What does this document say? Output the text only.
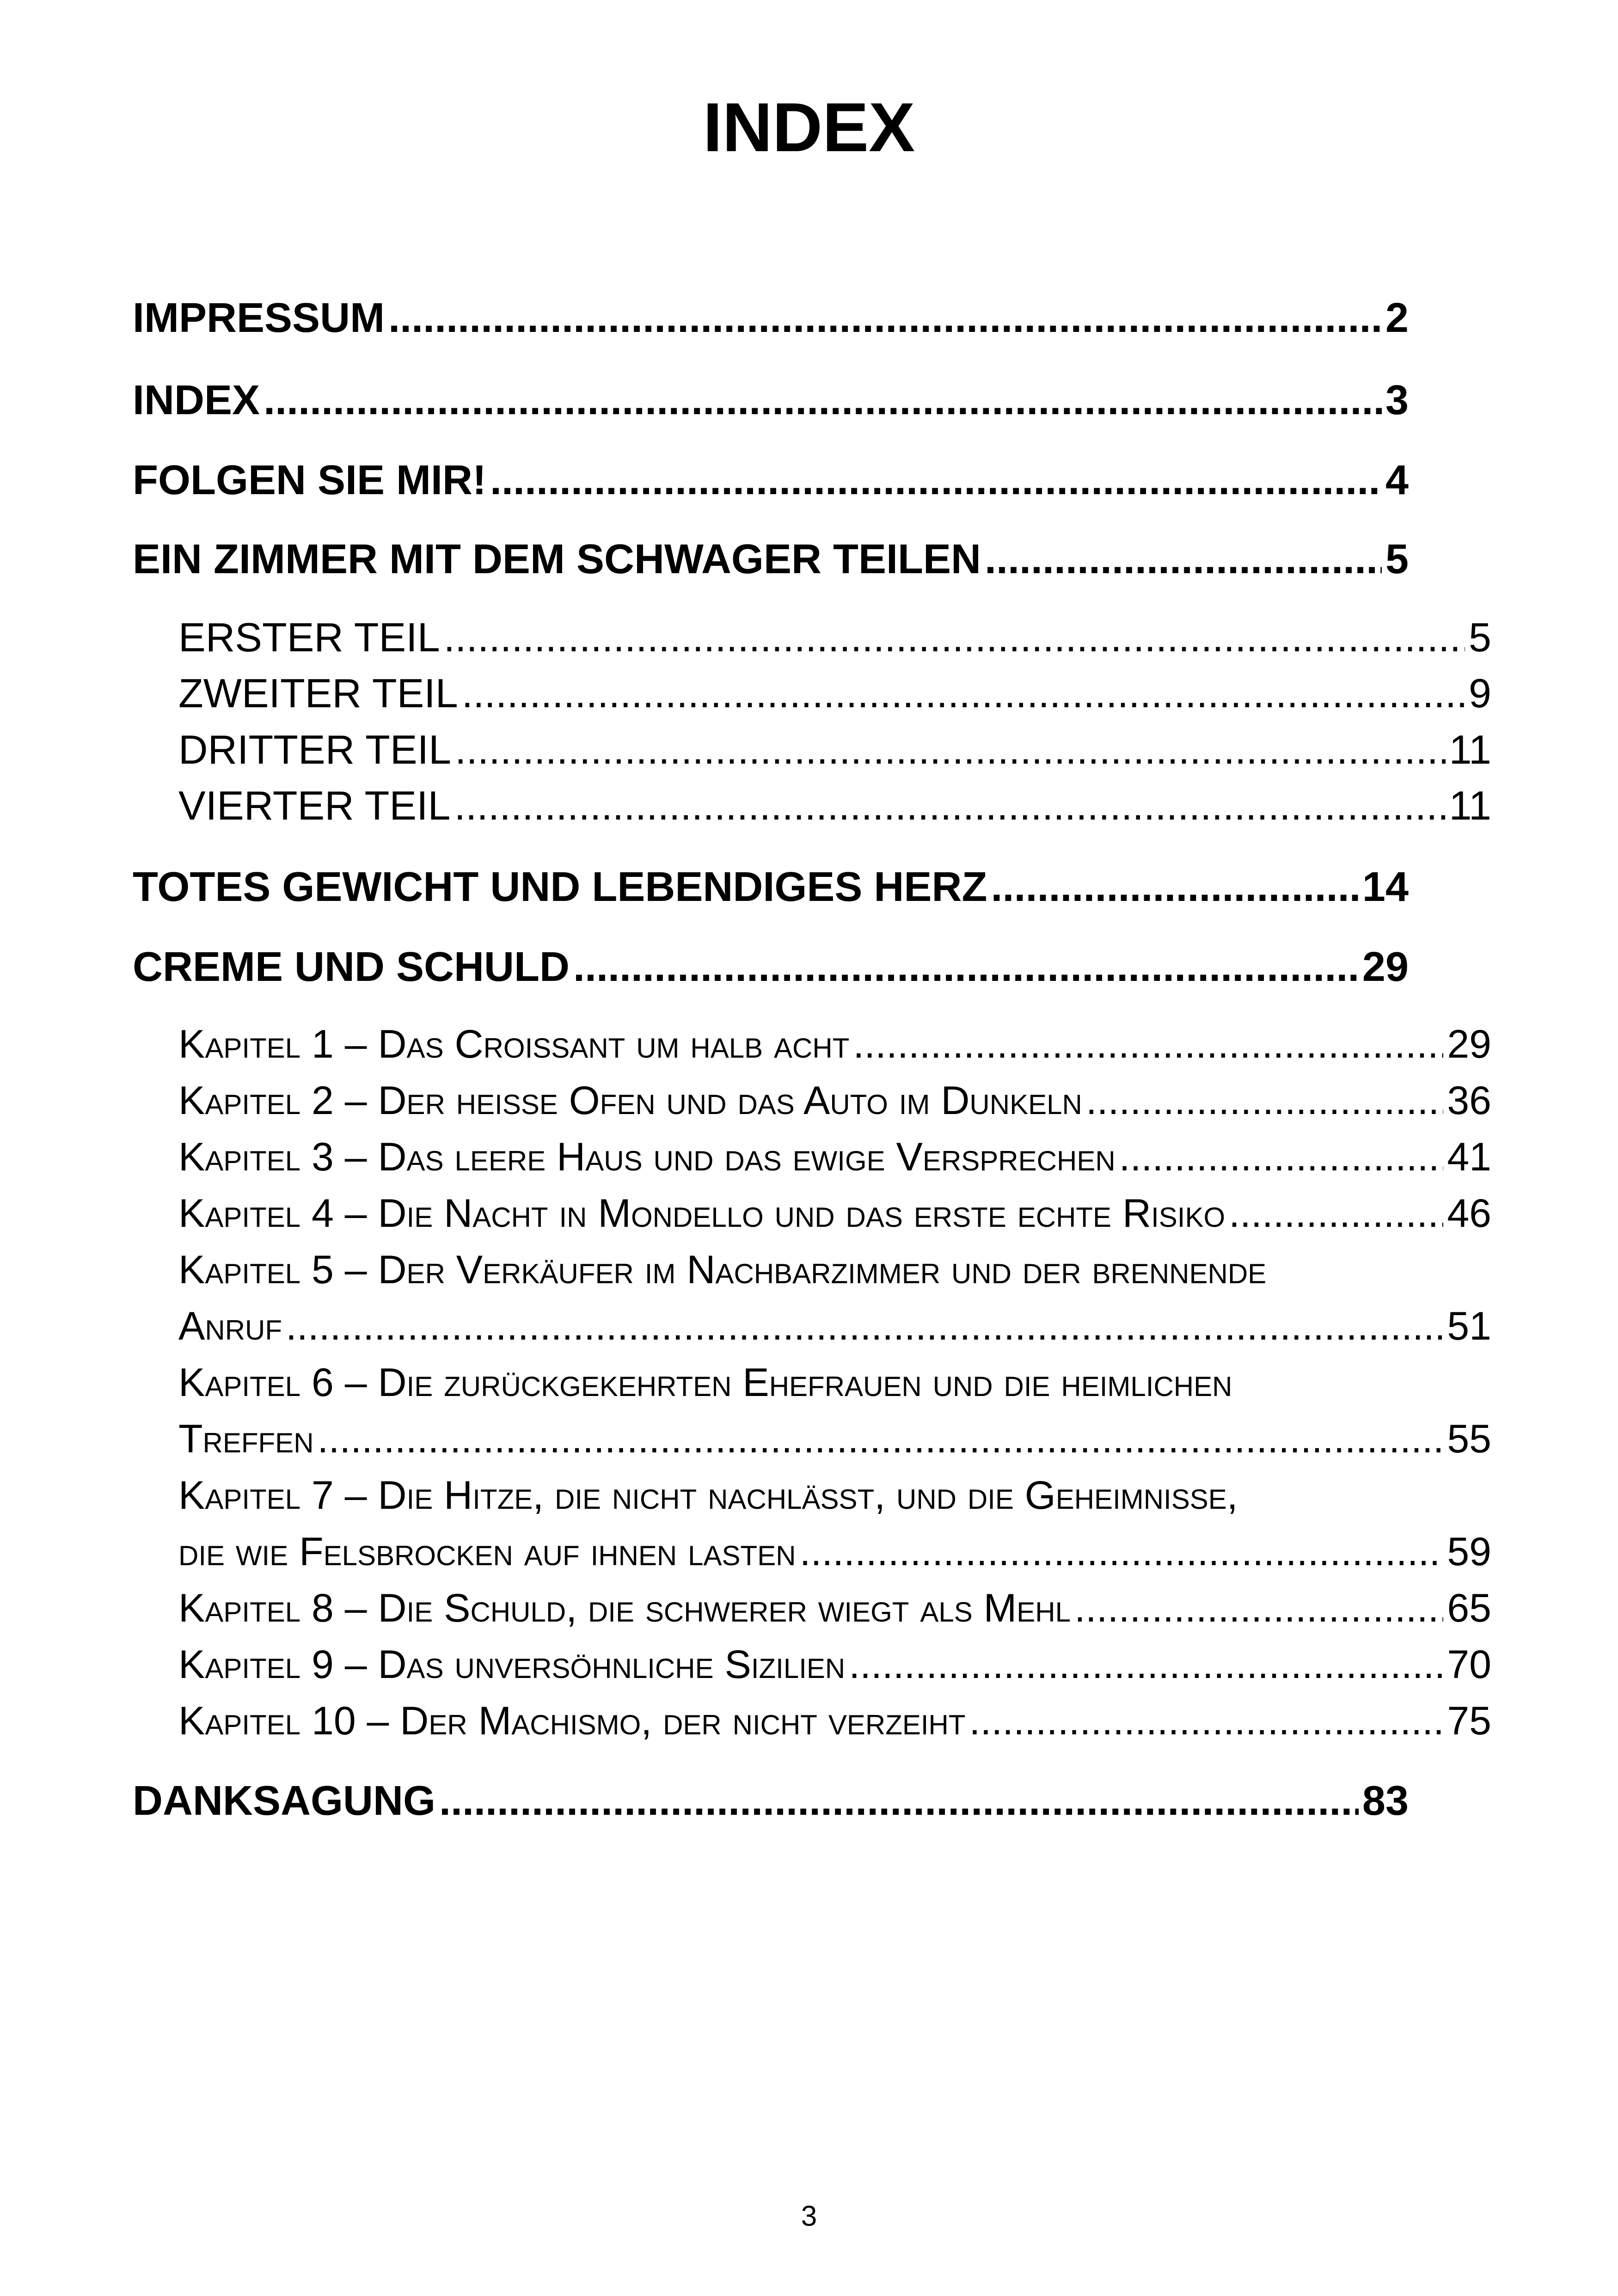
INDEX
IMPRESSUM .....	2
INDEX .....	3
FOLGEN SIE MIR! .....	4
EIN ZIMMER MIT DEM SCHWAGER TEILEN .....	5
ERSTER TEIL .....	5
ZWEITER TEIL .....	9
DRITTER TEIL .....	11
VIERTER TEIL .....	11
TOTES GEWICHT UND LEBENDIGES HERZ .....	14
CREME UND SCHULD .....	29
Kapitel 1 – Das Croissant um halb acht .....	29
Kapitel 2 – Der heiße Ofen und das Auto im Dunkeln .....	36
Kapitel 3 – Das leere Haus und das ewige Versprechen .....	41
Kapitel 4 – Die Nacht in Mondello und das erste echte Risiko .....	46
Kapitel 5 – Der Verkäufer im Nachbarzimmer und der brennende
Anruf .....	51
Kapitel 6 – Die zurückgekehrten Ehefrauen und die heimlichen
Treffen .....	55
Kapitel 7 – Die Hitze, die nicht nachlässt, und die Geheimnisse,
die wie Felsbrocken auf ihnen lasten .....	59
Kapitel 8 – Die Schuld, die schwerer wiegt als Mehl .....	65
Kapitel 9 – Das unversöhnliche Sizilien .....	70
Kapitel 10 – Der Machismo, der nicht verzeiht .....	75
DANKSAGUNG .....	83
3
